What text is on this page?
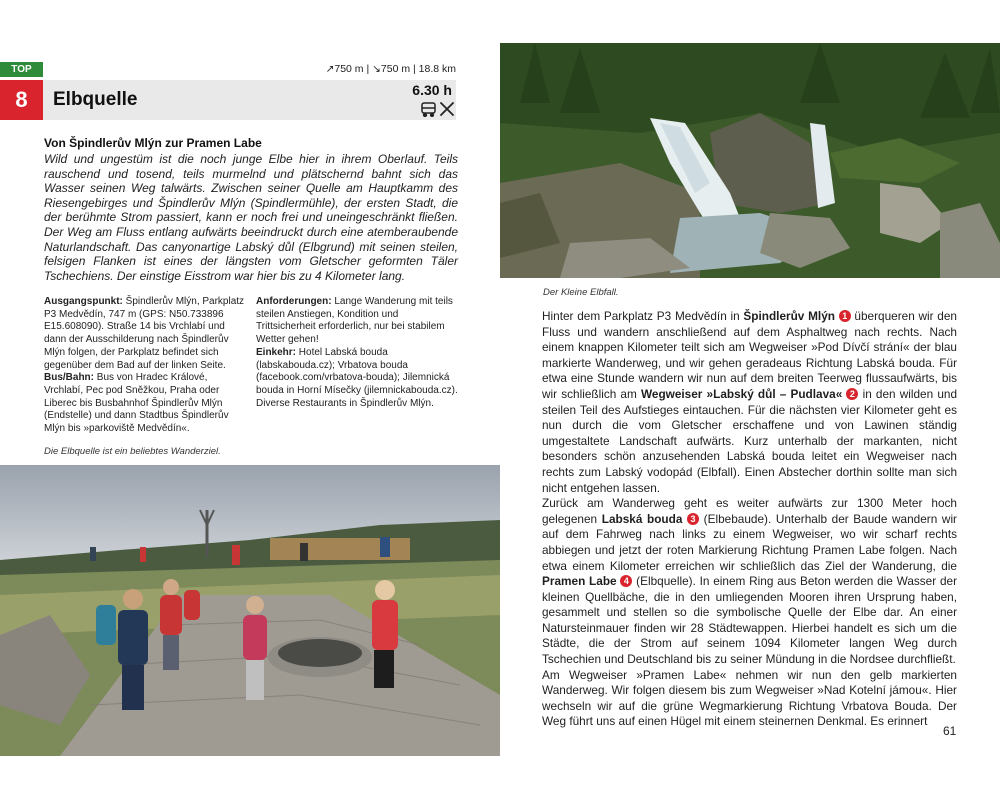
TOP
8	Elbquelle
↗750 m | ↘750 m | 18.8 km
6.30 h
Von Špindlerův Mlýn zur Pramen Labe
Wild und ungestüm ist die noch junge Elbe hier in ihrem Oberlauf. Teils rauschend und tosend, teils murmelnd und plätschernd bahnt sich das Wasser seinen Weg talwärts. Zwischen seiner Quelle am Hauptkamm des Riesengebirges und Špindlerův Mlýn (Spindlermühle), der ersten Stadt, die der berühmte Strom passiert, kann er noch frei und uneingeschränkt fließen. Der Weg am Fluss entlang aufwärts beeindruckt durch eine atemberaubende Naturlandschaft. Das canyonartige Labský důl (Elbgrund) mit seinen steilen, felsigen Flanken ist eines der längsten vom Gletscher geformten Täler Tschechiens. Der einstige Eisstrom war hier bis zu 4 Kilometer lang.
Ausgangspunkt: Špindlerův Mlýn, Parkplatz P3 Medvědín, 747 m (GPS: N50.733896 E15.608090). Straße 14 bis Vrchlabí und dann der Ausschilderung nach Špindlerův Mlýn folgen, der Parkplatz befindet sich gegenüber dem Bad auf der linken Seite.
Bus/Bahn: Bus von Hradec Králové, Vrchlabí, Pec pod Sněžkou, Praha oder Liberec bis Busbahnhof Špindlerův Mlýn (Endstelle) und dann Stadtbus Špindlerův Mlýn bis »parkoviště Medvědín«.
Anforderungen: Lange Wanderung mit teils steilen Anstiegen, Kondition und Trittsicherheit erforderlich, nur bei stabilem Wetter gehen!
Einkehr: Hotel Labská bouda (labskabouda.cz); Vrbatova bouda (facebook.com/vrbatova-bouda); Jilemnická bouda in Horní Mísečky (jilemnickabouda.cz). Diverse Restaurants in Špindlerův Mlýn.
Die Elbquelle ist ein beliebtes Wanderziel.
Der Kleine Elbfall.

Hinter dem Parkplatz P3 Medvědín in Špindlerův Mlýn 1 überqueren wir den Fluss und wandern anschließend auf dem Asphaltweg nach rechts. Nach einem knappen Kilometer teilt sich am Wegweiser »Pod Dívčí strání« der blau markierte Wanderweg, und wir gehen geradeaus Richtung Labská bouda. Für etwa eine Stunde wandern wir nun auf dem breiten Teerweg flussaufwärts, bis wir schließlich am Wegweiser »Labský důl – Pudlava« 2 in den wilden und steilen Teil des Aufstieges eintauchen. Für die nächsten vier Kilometer geht es nun durch die vom Gletscher erschaffene und von Lawinen ständig umgestaltete Landschaft aufwärts. Kurz unterhalb der markanten, nicht besonders schön anzusehenden Labská bouda leitet ein Wegweiser nach rechts zum Labský vodopád (Elbfall). Einen Abstecher dorthin sollte man sich nicht entgehen lassen.

Zurück am Wanderweg geht es weiter aufwärts zur 1300 Meter hoch gelegenen Labská bouda 3 (Elbebaude). Unterhalb der Baude wandern wir auf dem Fahrweg nach links zu einem Wegweiser, wo wir scharf rechts abbiegen und jetzt der roten Markierung Richtung Pramen Labe folgen. Nach etwa einem Kilometer erreichen wir schließlich das Ziel der Wanderung, die Pramen Labe 4 (Elbquelle). In einem Ring aus Beton werden die Wasser der kleinen Quellbäche, die in den umliegenden Mooren ihren Ursprung haben, gesammelt und stellen so die symbolische Quelle der Elbe dar. An einer Natursteinmauer finden wir 28 Städtewappen. Hierbei handelt es sich um die Städte, die der Strom auf seinem 1094 Kilometer langen Weg durch Tschechien und Deutschland bis zu seiner Mündung in die Nordsee durchfließt.

Am Wegweiser »Pramen Labe« nehmen wir nun den gelb markierten Wanderweg. Wir folgen diesem bis zum Wegweiser »Nad Kotelní jámou«. Hier wechseln wir auf die grüne Wegmarkierung Richtung Vrbatova Bouda. Der Weg führt uns auf einen Hügel mit einem steinernen Denkmal. Es erinnert

61
